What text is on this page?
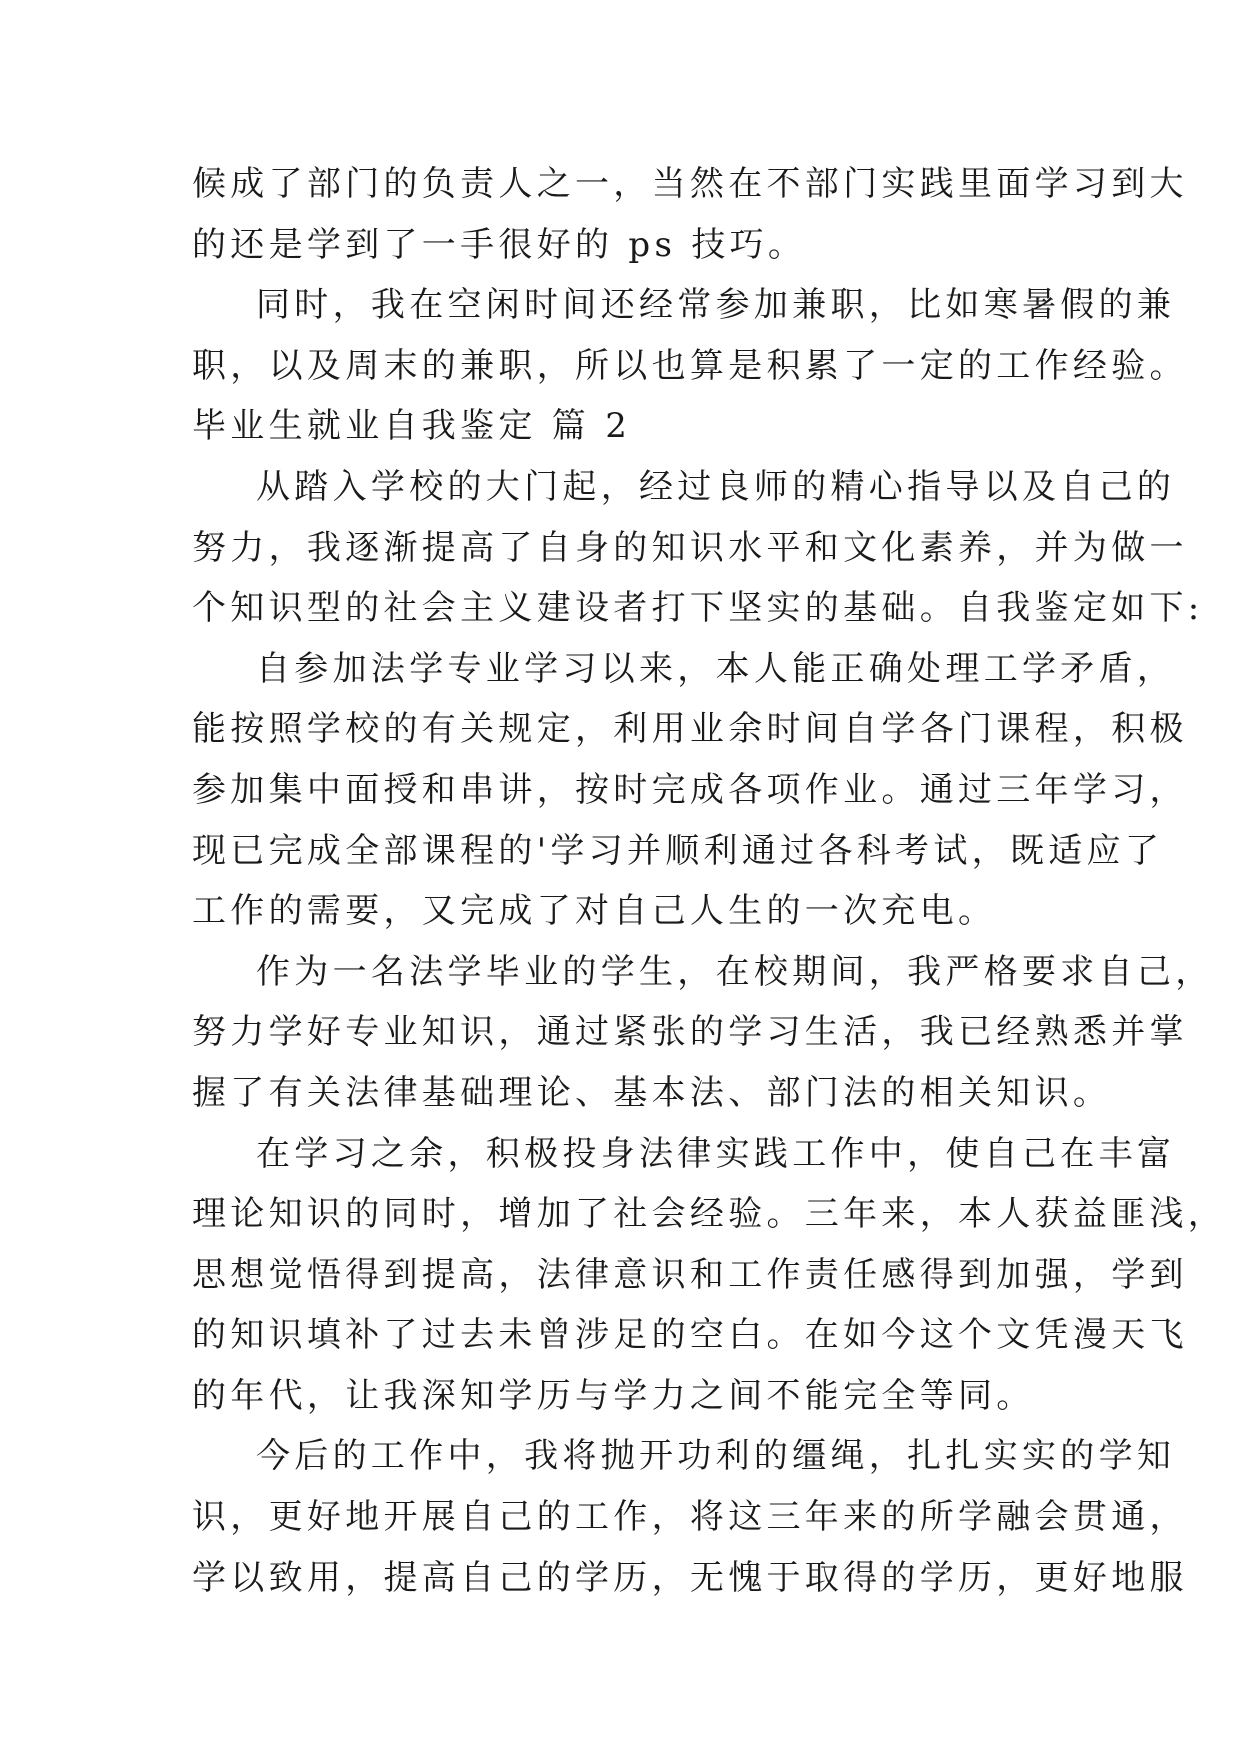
候成了部门的负责人之一，当然在不部门实践里面学习到大
的还是学到了一手很好的 ps 技巧。
同时，我在空闲时间还经常参加兼职，比如寒暑假的兼
职，以及周末的兼职，所以也算是积累了一定的工作经验。
毕业生就业自我鉴定 篇 2
从踏入学校的大门起，经过良师的精心指导以及自己的
努力，我逐渐提高了自身的知识水平和文化素养，并为做一
个知识型的社会主义建设者打下坚实的基础。自我鉴定如下:
自参加法学专业学习以来，本人能正确处理工学矛盾，
能按照学校的有关规定，利用业余时间自学各门课程，积极
参加集中面授和串讲，按时完成各项作业。通过三年学习，
现已完成全部课程的'学习并顺利通过各科考试，既适应了
工作的需要，又完成了对自己人生的一次充电。
作为一名法学毕业的学生，在校期间，我严格要求自己，
努力学好专业知识，通过紧张的学习生活，我已经熟悉并掌
握了有关法律基础理论、基本法、部门法的相关知识。
在学习之余，积极投身法律实践工作中，使自己在丰富
理论知识的同时，增加了社会经验。三年来，本人获益匪浅，
思想觉悟得到提高，法律意识和工作责任感得到加强，学到
的知识填补了过去未曾涉足的空白。在如今这个文凭漫天飞
的年代，让我深知学历与学力之间不能完全等同。
今后的工作中，我将抛开功利的缰绳，扎扎实实的学知
识，更好地开展自己的工作，将这三年来的所学融会贯通，
学以致用，提高自己的学历，无愧于取得的学历，更好地服
